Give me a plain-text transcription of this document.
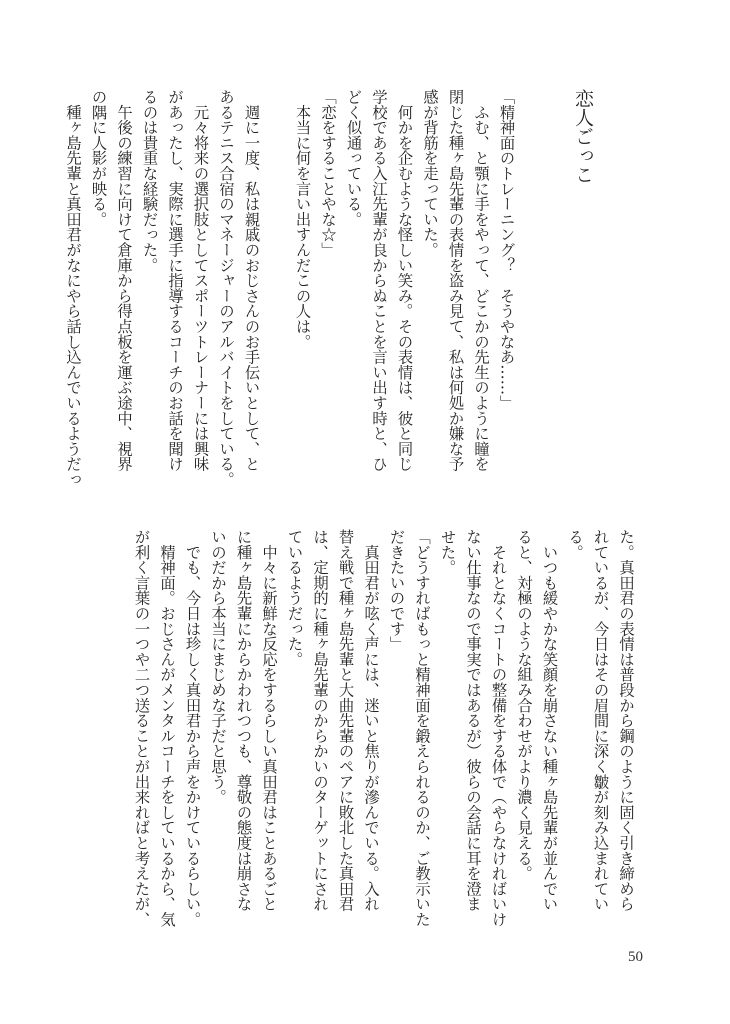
恋人ごっこ

「精神面のトレーニング？　そうやなあ……」
　ふむ、と顎に手をやって、どこかの先生のように瞳を
閉じた種ヶ島先輩の表情を盗み見て、私は何処か嫌な予
感が背筋を走っていた。
　何かを企むような怪しい笑み。その表情は、彼と同じ
学校である入江先輩が良からぬことを言い出す時と、ひ
どく似通っている。
「恋をすることやな☆」
　本当に何を言い出すんだこの人は。

　週に一度、私は親戚のおじさんのお手伝いとして、と
あるテニス合宿のマネージャーのアルバイトをしている。
　元々将来の選択肢としてスポーツトレーナーには興味
があったし、実際に選手に指導するコーチのお話を聞け
るのは貴重な経験だった。
　午後の練習に向けて倉庫から得点板を運ぶ途中、視界
の隅に人影が映る。
　種ヶ島先輩と真田君がなにやら話し込んでいるようだっ
た。真田君の表情は普段から鋼のように固く引き締めら
れているが、今日はその眉間に深く皺が刻み込まれてい
る。
　いつも緩やかな笑顔を崩さない種ヶ島先輩が並んでい
ると、対極のような組み合わせがより濃く見える。
　それとなくコートの整備をする体で（やらなければいけ
ない仕事なので事実ではあるが）彼らの会話に耳を澄ま
せた。
「どうすればもっと精神面を鍛えられるのか、ご教示いた
だきたいのです」
　真田君が呟く声には、迷いと焦りが滲んでいる。入れ
替え戦で種ヶ島先輩と大曲先輩のペアに敗北した真田君
は、定期的に種ヶ島先輩のからかいのターゲットにされ
ているようだった。
　中々に新鮮な反応をするらしい真田君はことあるごと
に種ヶ島先輩にからかわれつつも、尊敬の態度は崩さな
いのだから本当にまじめな子だと思う。
　でも、今日は珍しく真田君から声をかけているらしい。
　精神面。おじさんがメンタルコーチをしているから、気
が利く言葉の一つや二つ送ることが出来ればと考えたが、
50
